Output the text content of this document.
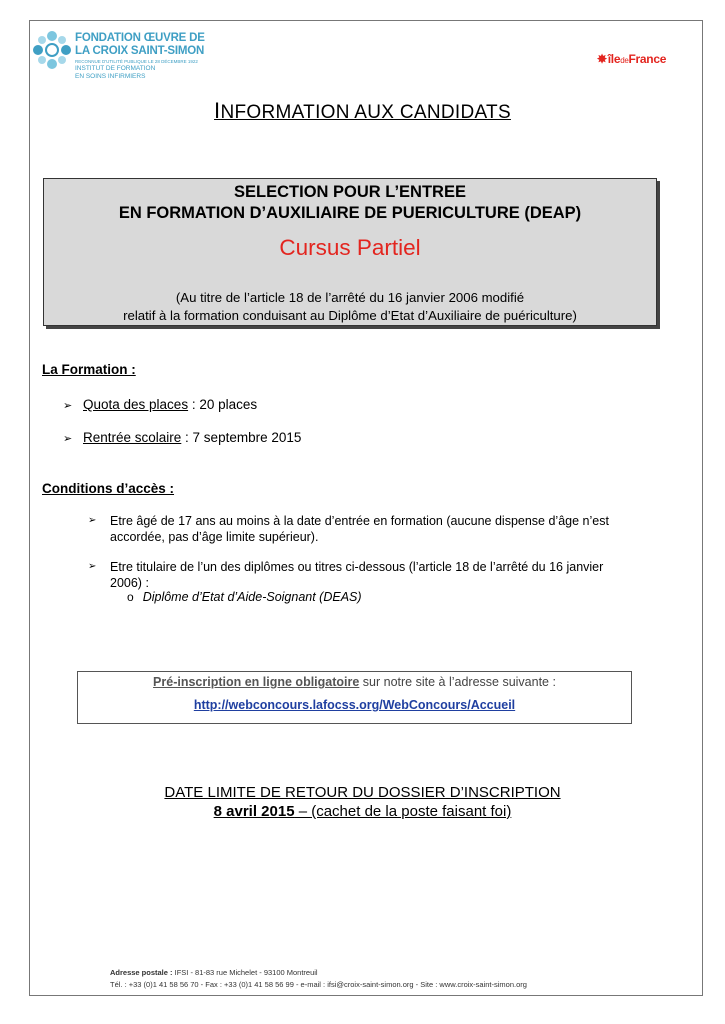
FONDATION ŒUVRE DE
LA CROIX SAINT-SIMON
RECONNUE D'UTILITÉ PUBLIQUE LE 28 DÉCEMBRE 1922
INSTITUT DE FORMATION
EN SOINS INFIRMIERS
✸îledeFrance
INFORMATION AUX CANDIDATS
SELECTION POUR L’ENTREE
EN FORMATION D’AUXILIAIRE DE PUERICULTURE (DEAP)
Cursus Partiel
(Au titre de l’article 18 de l’arrêté du 16 janvier 2006 modifié
relatif à la formation conduisant au Diplôme d’Etat d’Auxiliaire de puériculture)
La Formation :
➢ Quota des places : 20 places
➢ Rentrée scolaire : 7 septembre 2015
Conditions d’accès :
➢	Etre âgé de 17 ans au moins à la date d’entrée en formation (aucune dispense d’âge n’est
accordée, pas d’âge limite supérieur).
➢	Etre titulaire de l’un des diplômes ou titres ci-dessous (l’article 18 de l’arrêté du 16 janvier
2006) :
o Diplôme d’Etat d’Aide-Soignant (DEAS)
Pré-inscription en ligne obligatoire sur notre site à l’adresse suivante :
http://webconcours.lafocss.org/WebConcours/Accueil
DATE LIMITE DE RETOUR DU DOSSIER D’INSCRIPTION
8 avril 2015 – (cachet de la poste faisant foi)
Adresse postale : IFSI - 81-83 rue Michelet - 93100 Montreuil
Tél. : +33 (0)1 41 58 56 70 - Fax : +33 (0)1 41 58 56 99 - e-mail : ifsi@croix-saint-simon.org - Site : www.croix-saint-simon.org
